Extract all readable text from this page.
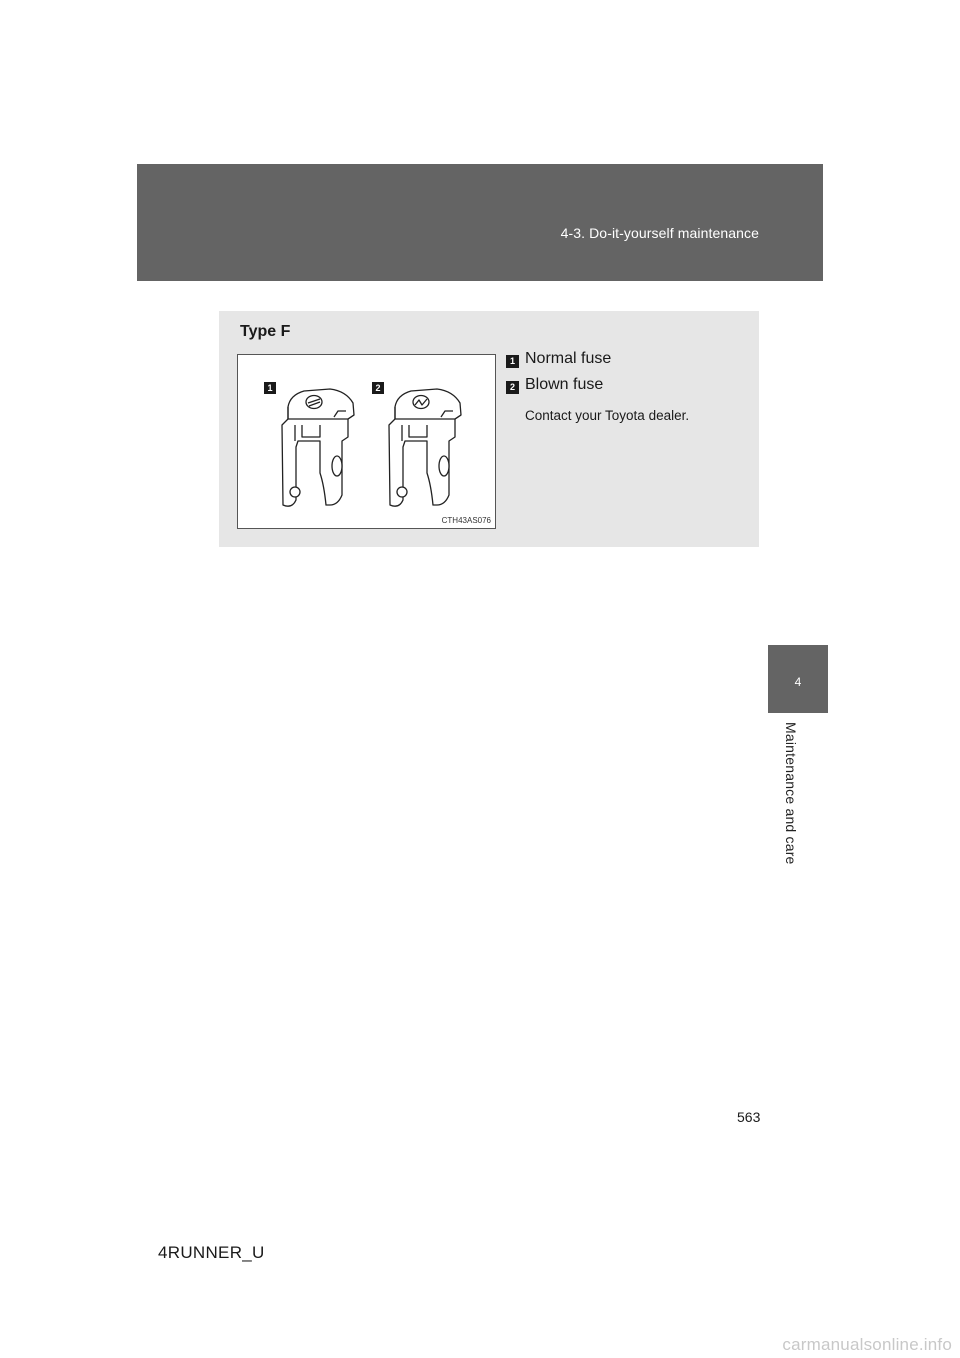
4-3. Do-it-yourself maintenance
4
Maintenance and care
Type F
1	2
CTH43AS076
1 Normal fuse
2 Blown fuse
Contact your Toyota dealer.
563
4RUNNER_U
carmanualsonline.info
